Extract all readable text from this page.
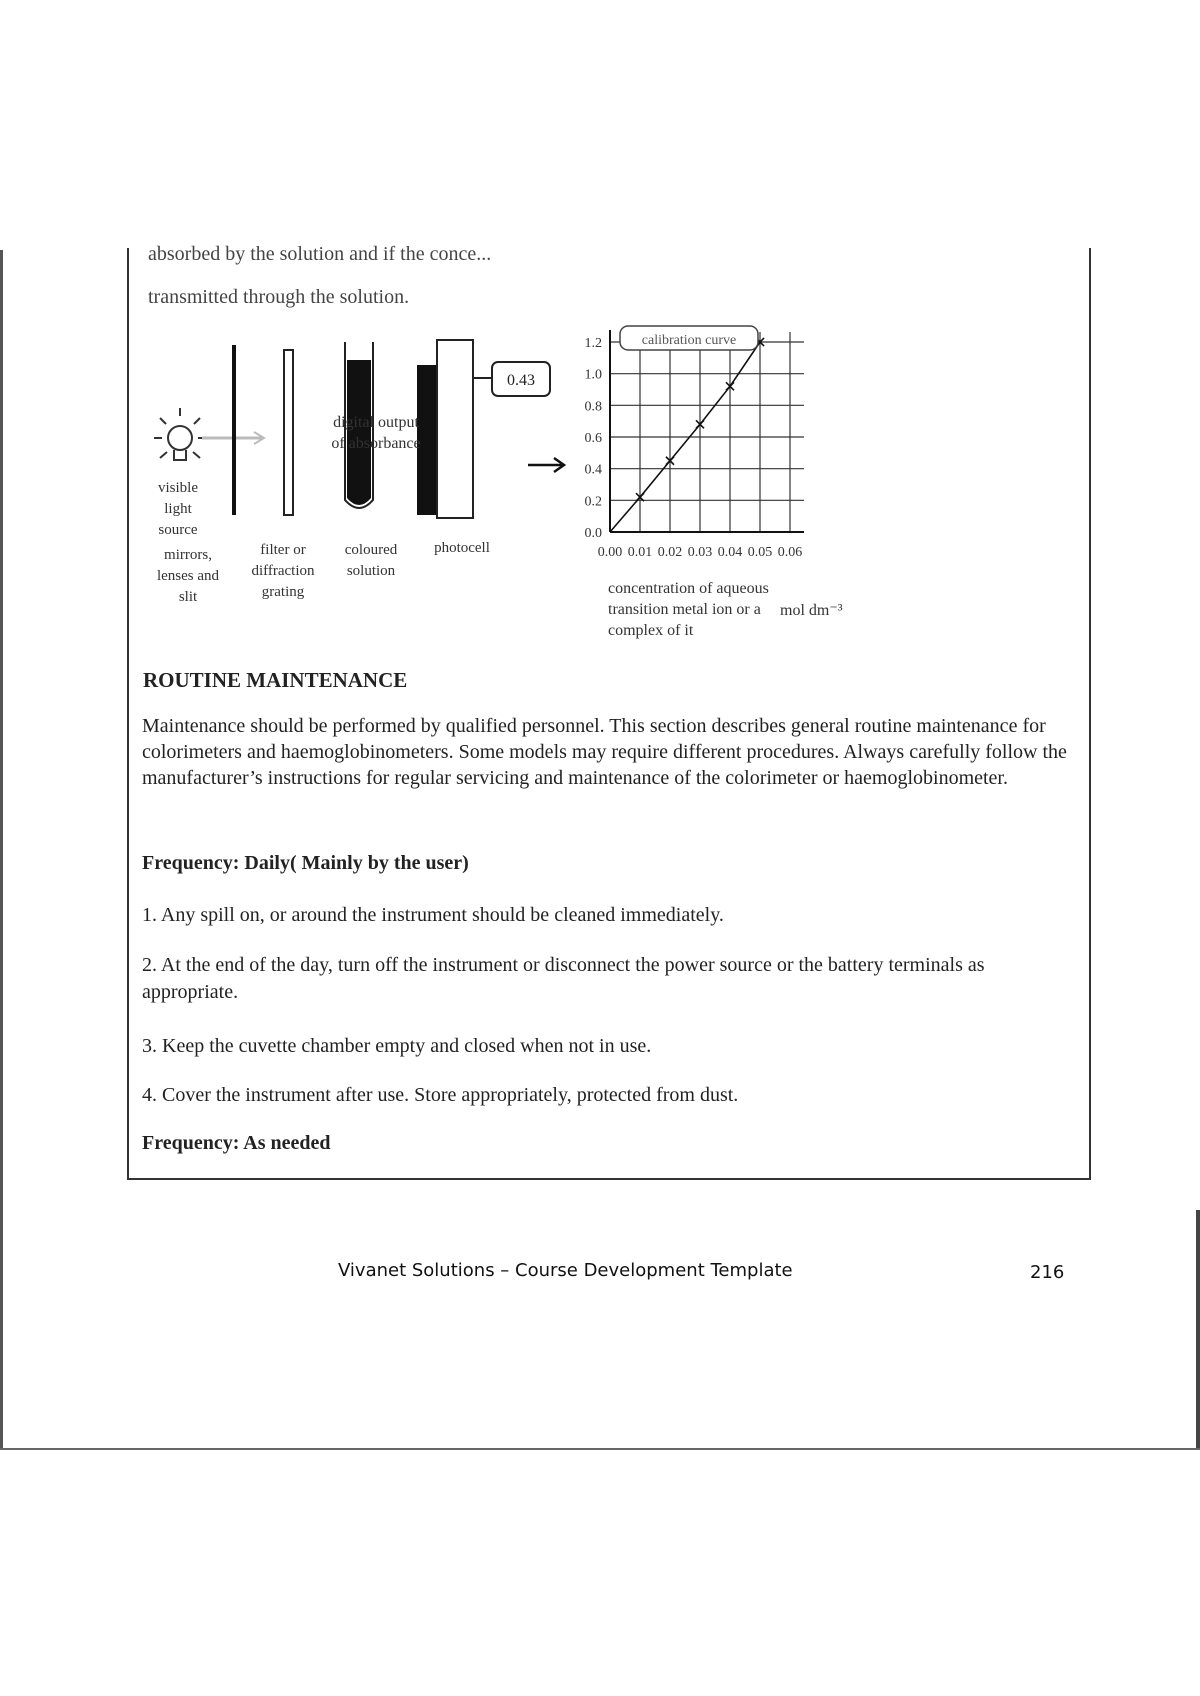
absorbed by the solution and if the conce...
transmitted through the solution.
0.43
digital output of absorbance
visible light source
mirrors, lenses and slit
filter or diffraction grating
coloured solution
photocell	0.00 0.01 0.02 0.03 0.04 0.05 0.06
0.0
0.2
0.4
0.6
0.8
1.0
1.2	calibration curve
concentration of aqueous transition metal ion or a complex of it
mol dm⁻³
ROUTINE MAINTENANCE
Maintenance should be performed by qualified personnel. This section describes general routine maintenance for colorimeters and haemoglobinometers. Some models may require different procedures. Always carefully follow the manufacturer’s instructions for regular servicing and maintenance of the colorimeter or haemoglobinometer.
Frequency: Daily( Mainly by the user)
1. Any spill on, or around the instrument should be cleaned immediately.
2. At the end of the day, turn off the instrument or disconnect the power source or the battery terminals as appropriate.
3. Keep the cuvette chamber empty and closed when not in use.
4. Cover the instrument after use. Store appropriately, protected from dust.
Frequency: As needed
Vivanet Solutions – Course Development Template	216
